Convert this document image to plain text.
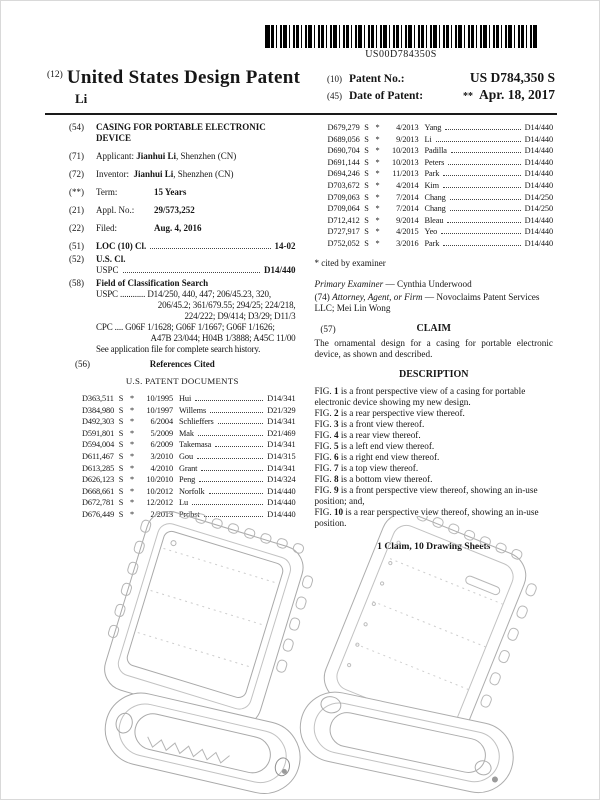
US00D784350S
$^{(12)}$ United States Design Patent
Li
(10) Patent No.:	US D784,350 S
(45) Date of Patent:	** Apr. 18, 2017
(54)	CASING FOR PORTABLE ELECTRONIC DEVICE
(71)	Applicant: Jianhui Li, Shenzhen (CN)
(72)	Inventor: Jianhui Li, Shenzhen (CN)
(**)	Term:	15 Years
(21)	Appl. No.: 29/573,252
(22)	Filed:	Aug. 4, 2016
(51)	LOC (10) Cl.	14-02
(52)	U.S. Cl.
USPC	D14/440
(58)	Field of Classification Search
USPC ............ D14/250, 440, 447; 206/45.23, 320,
206/45.2; 361/679.55; 294/25; 224/218,
224/222; D9/414; D3/29; D11/3
CPC .... G06F 1/1628; G06F 1/1667; G06F 1/1626;
A47B 23/044; H04B 1/3888; A45C 11/00
See application file for complete search history.
(56)	References Cited
U.S. PATENT DOCUMENTS
D363,511 S *	10/1995 Hui	D14/341
D384,980 S *	10/1997 Willems	D21/329
D492,303 S *	6/2004 Schlieffers	D14/341
D591,801 S *	5/2009 Mak	D21/469
D594,004 S *	6/2009 Takemasa	D14/341
D611,467 S *	3/2010 Gou	D14/315
D613,285 S *	4/2010 Grant	D14/341
D626,123 S *	10/2010 Peng	D14/324
D668,661 S *	10/2012 Norfolk	D14/440
D672,781 S *	12/2012 Lu	D14/440
D676,449 S *	2/2013 Probst	D14/440
D679,279 S *	4/2013 Yang	D14/440
D689,056 S *	9/2013 Li	D14/440
D690,704 S *	10/2013 Padilla	D14/440
D691,144 S *	10/2013 Peters	D14/440
D694,246 S *	11/2013 Park	D14/440
D703,672 S *	4/2014 Kim	D14/440
D709,063 S *	7/2014 Chang	D14/250
D709,064 S *	7/2014 Chang	D14/250
D712,412 S *	9/2014 Bleau	D14/440
D727,917 S *	4/2015 Yeo	D14/440
D752,052 S *	3/2016 Park	D14/440
* cited by examiner
Primary Examiner — Cynthia Underwood
(74) Attorney, Agent, or Firm — Novoclaims Patent Services LLC; Mei Lin Wong
(57)	CLAIM
The ornamental design for a casing for portable electronic device, as shown and described.
DESCRIPTION
FIG. 1 is a front perspective view of a casing for portable electronic device showing my new design.
FIG. 2 is a rear perspective view thereof.
FIG. 3 is a front view thereof.
FIG. 4 is a rear view thereof.
FIG. 5 is a left end view thereof.
FIG. 6 is a right end view thereof.
FIG. 7 is a top view thereof.
FIG. 8 is a bottom view thereof.
FIG. 9 is a front perspective view thereof, showing an in-use position; and,
FIG. 10 is a rear perspective view thereof, showing an in-use position.
1 Claim, 10 Drawing Sheets
